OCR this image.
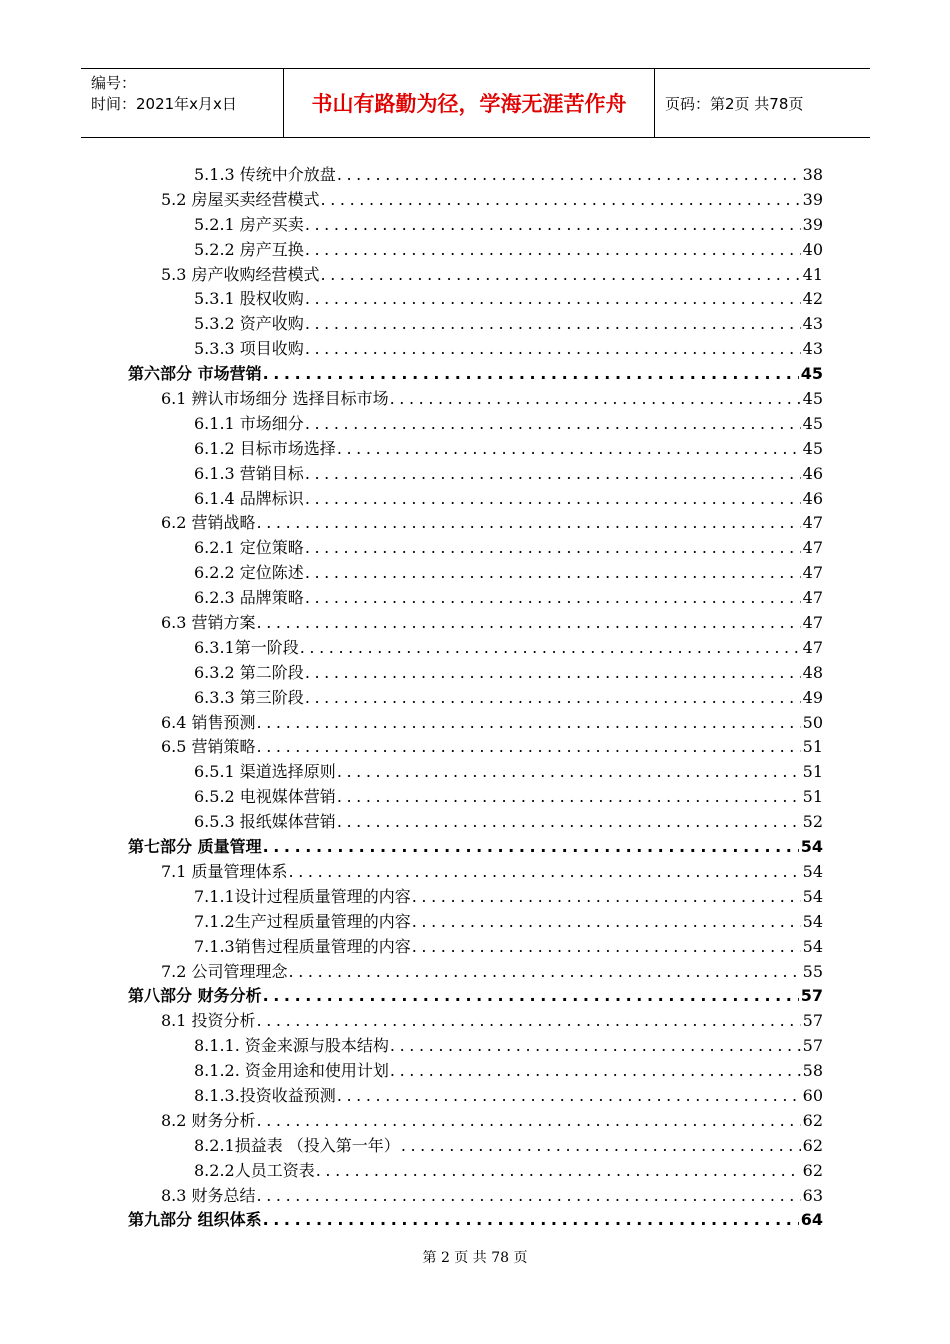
编号：
时间：2021年x月x日	书山有路勤为径，学海无涯苦作舟	页码：第2页 共78页
5.1.3 传统中介放盘 .....	38
5.2 房屋买卖经营模式 .....	39
5.2.1 房产买卖 .....	39
5.2.2 房产互换 .....	40
5.3 房产收购经营模式 .....	41
5.3.1 股权收购 .....	42
5.3.2 资产收购 .....	43
5.3.3 项目收购 .....	43
第六部分 市场营销 .....	45
6.1 辨认市场细分 选择目标市场 .....	45
6.1.1 市场细分 .....	45
6.1.2 目标市场选择 .....	45
6.1.3 营销目标 .....	46
6.1.4 品牌标识 .....	46
6.2 营销战略 .....	47
6.2.1 定位策略 .....	47
6.2.2 定位陈述 .....	47
6.2.3 品牌策略 .....	47
6.3 营销方案 .....	47
6.3.1第一阶段 .....	47
6.3.2 第二阶段 .....	48
6.3.3 第三阶段 .....	49
6.4 销售预测 .....	50
6.5 营销策略 .....	51
6.5.1 渠道选择原则 .....	51
6.5.2 电视媒体营销 .....	51
6.5.3 报纸媒体营销 .....	52
第七部分 质量管理 .....	54
7.1 质量管理体系 .....	54
7.1.1设计过程质量管理的内容 .....	54
7.1.2生产过程质量管理的内容 .....	54
7.1.3销售过程质量管理的内容 .....	54
7.2 公司管理理念 .....	55
第八部分 财务分析 .....	57
8.1 投资分析 .....	57
8.1.1. 资金来源与股本结构 .....	57
8.1.2. 资金用途和使用计划 .....	58
8.1.3.投资收益预测 .....	60
8.2 财务分析 .....	62
8.2.1损益表 （投入第一年） .....	62
8.2.2人员工资表 .....	62
8.3 财务总结 .....	63
第九部分 组织体系 .....	64
第 2 页 共 78 页
